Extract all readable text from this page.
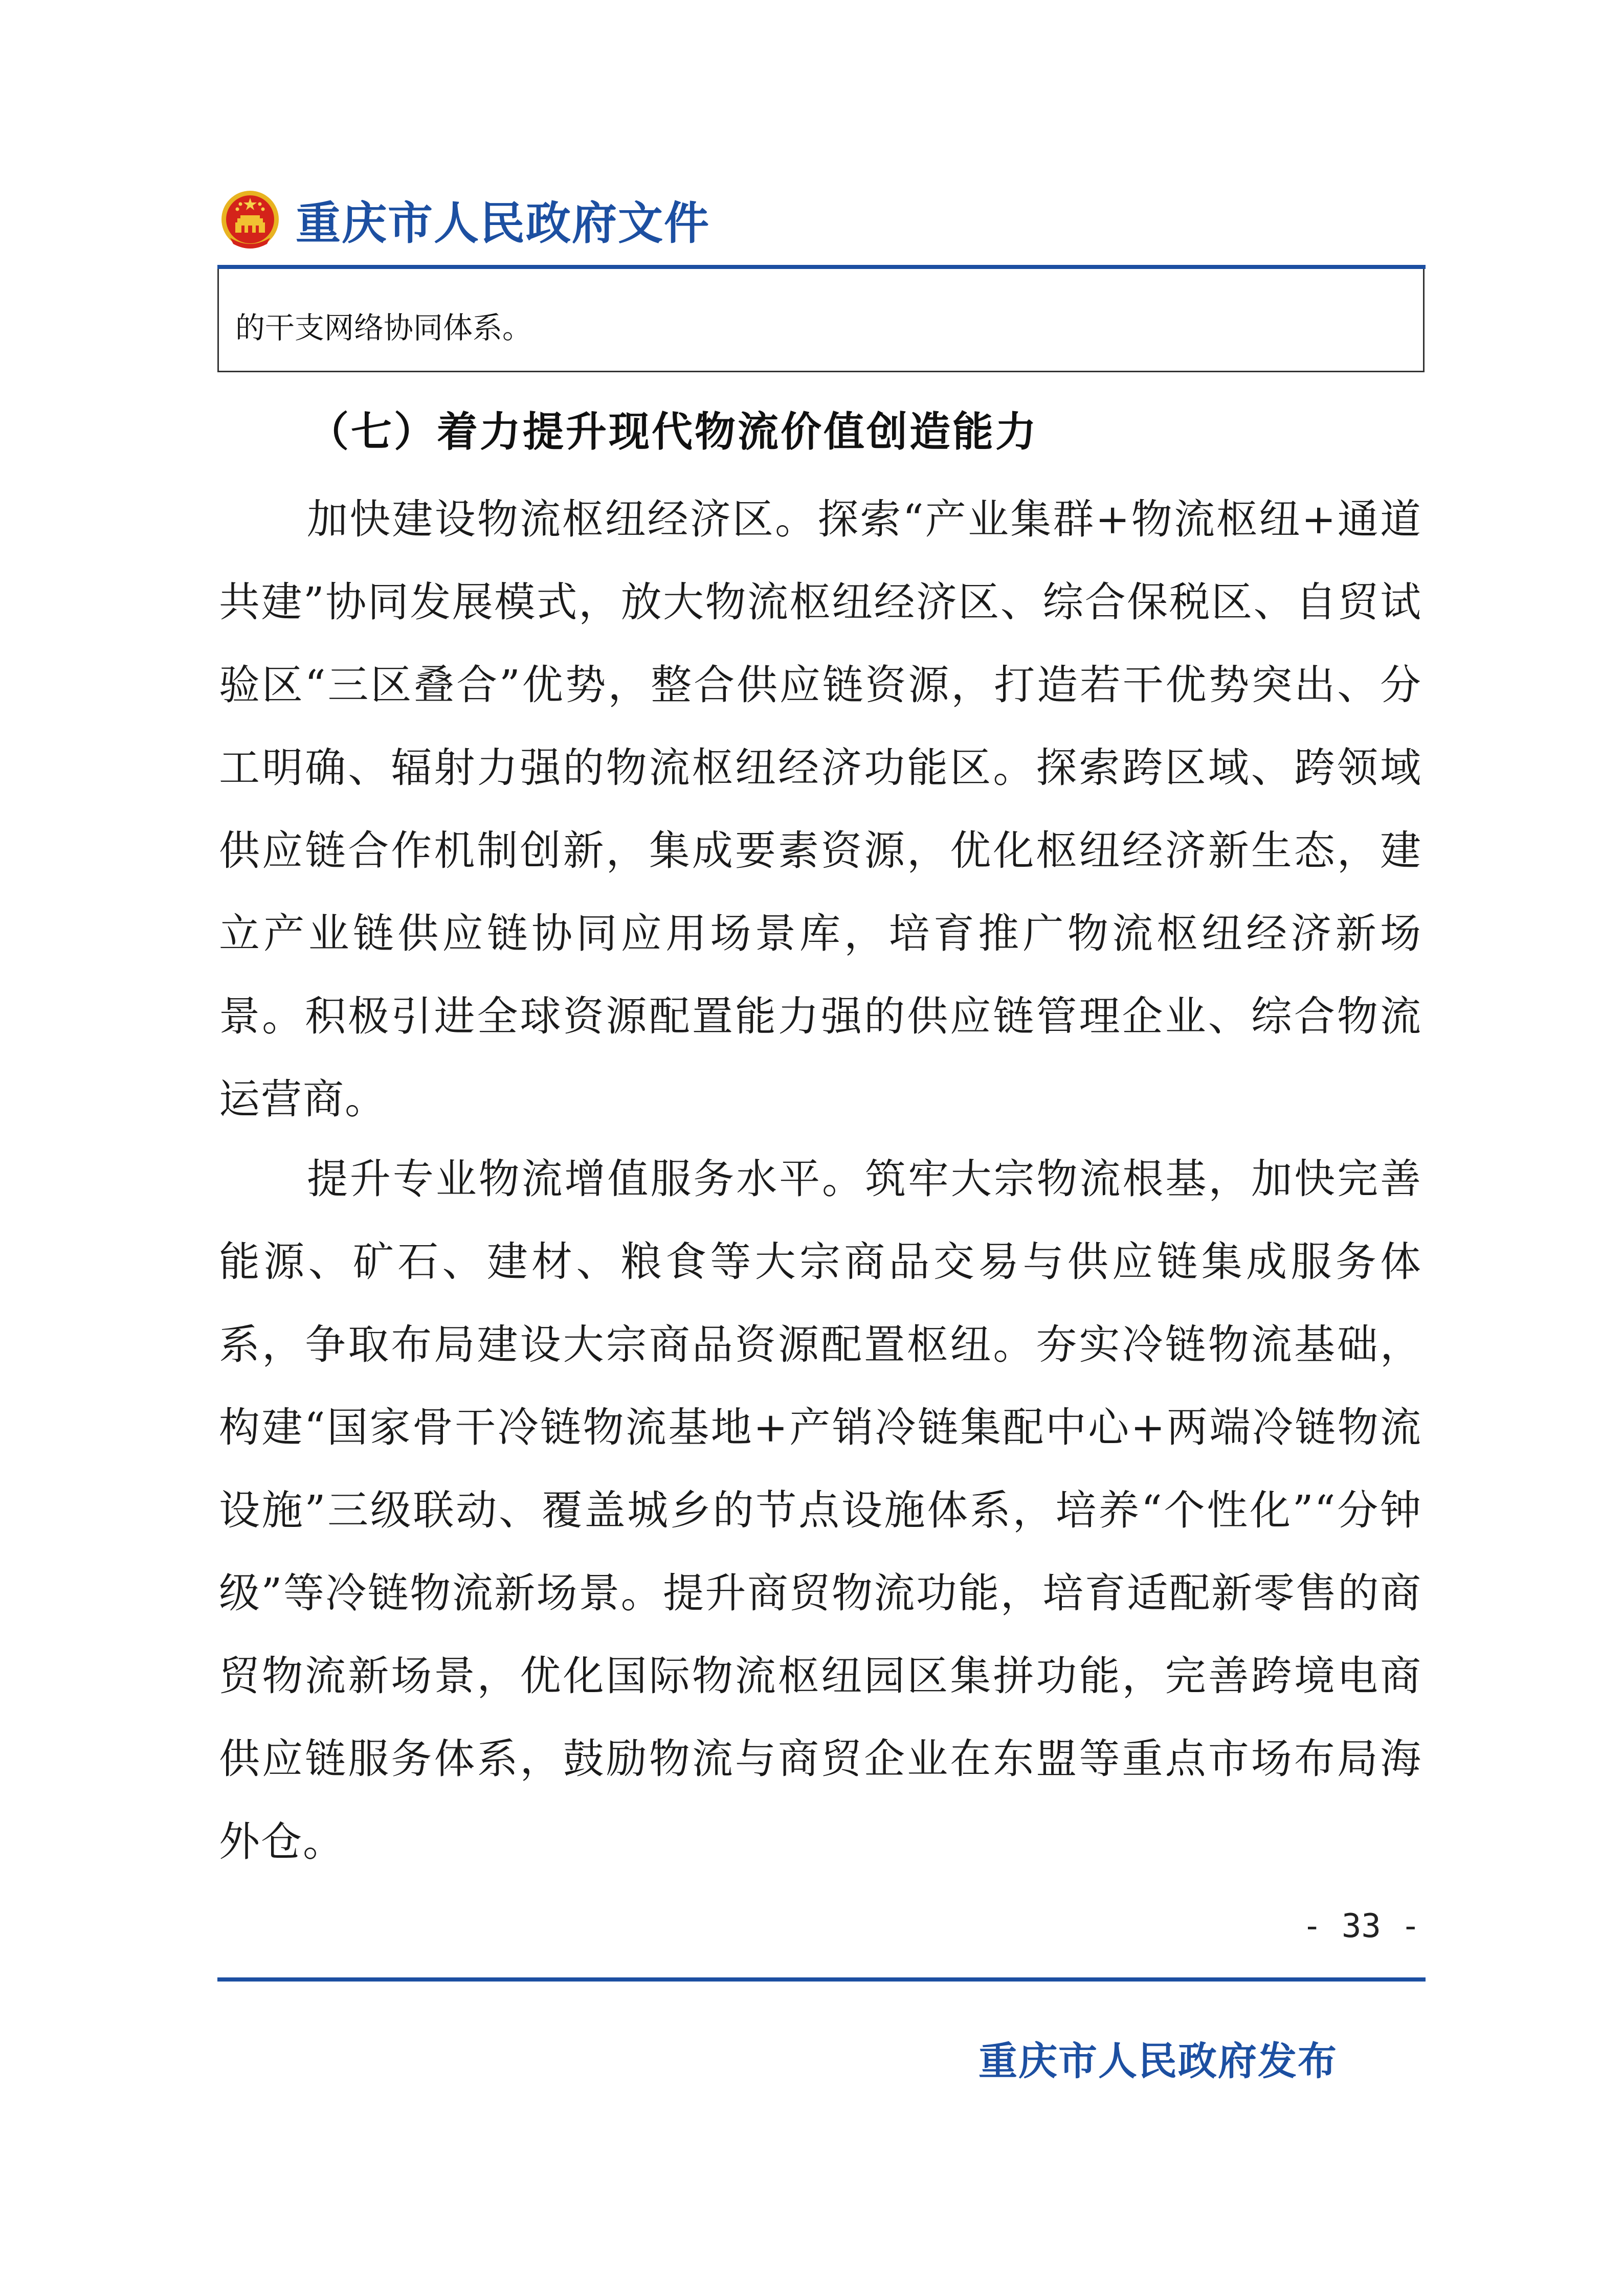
重庆市人民政府文件
的干支网络协同体系。
（七）着力提升现代物流价值创造能力
加快建设物流枢纽经济区。探索“产业集群+物流枢纽+通道共建”协同发展模式，放大物流枢纽经济区、综合保税区、自贸试验区“三区叠合”优势，整合供应链资源，打造若干优势突出、分工明确、辐射力强的物流枢纽经济功能区。探索跨区域、跨领域供应链合作机制创新，集成要素资源，优化枢纽经济新生态，建立产业链供应链协同应用场景库，培育推广物流枢纽经济新场景。积极引进全球资源配置能力强的供应链管理企业、综合物流运营商。
提升专业物流增值服务水平。筑牢大宗物流根基，加快完善能源、矿石、建材、粮食等大宗商品交易与供应链集成服务体系，争取布局建设大宗商品资源配置枢纽。夯实冷链物流基础，构建“国家骨干冷链物流基地+产销冷链集配中心+两端冷链物流设施”三级联动、覆盖城乡的节点设施体系，培养“个性化”“分钟级”等冷链物流新场景。提升商贸物流功能，培育适配新零售的商贸物流新场景，优化国际物流枢纽园区集拼功能，完善跨境电商供应链服务体系，鼓励物流与商贸企业在东盟等重点市场布局海外仓。
- 33 -
重庆市人民政府发布
